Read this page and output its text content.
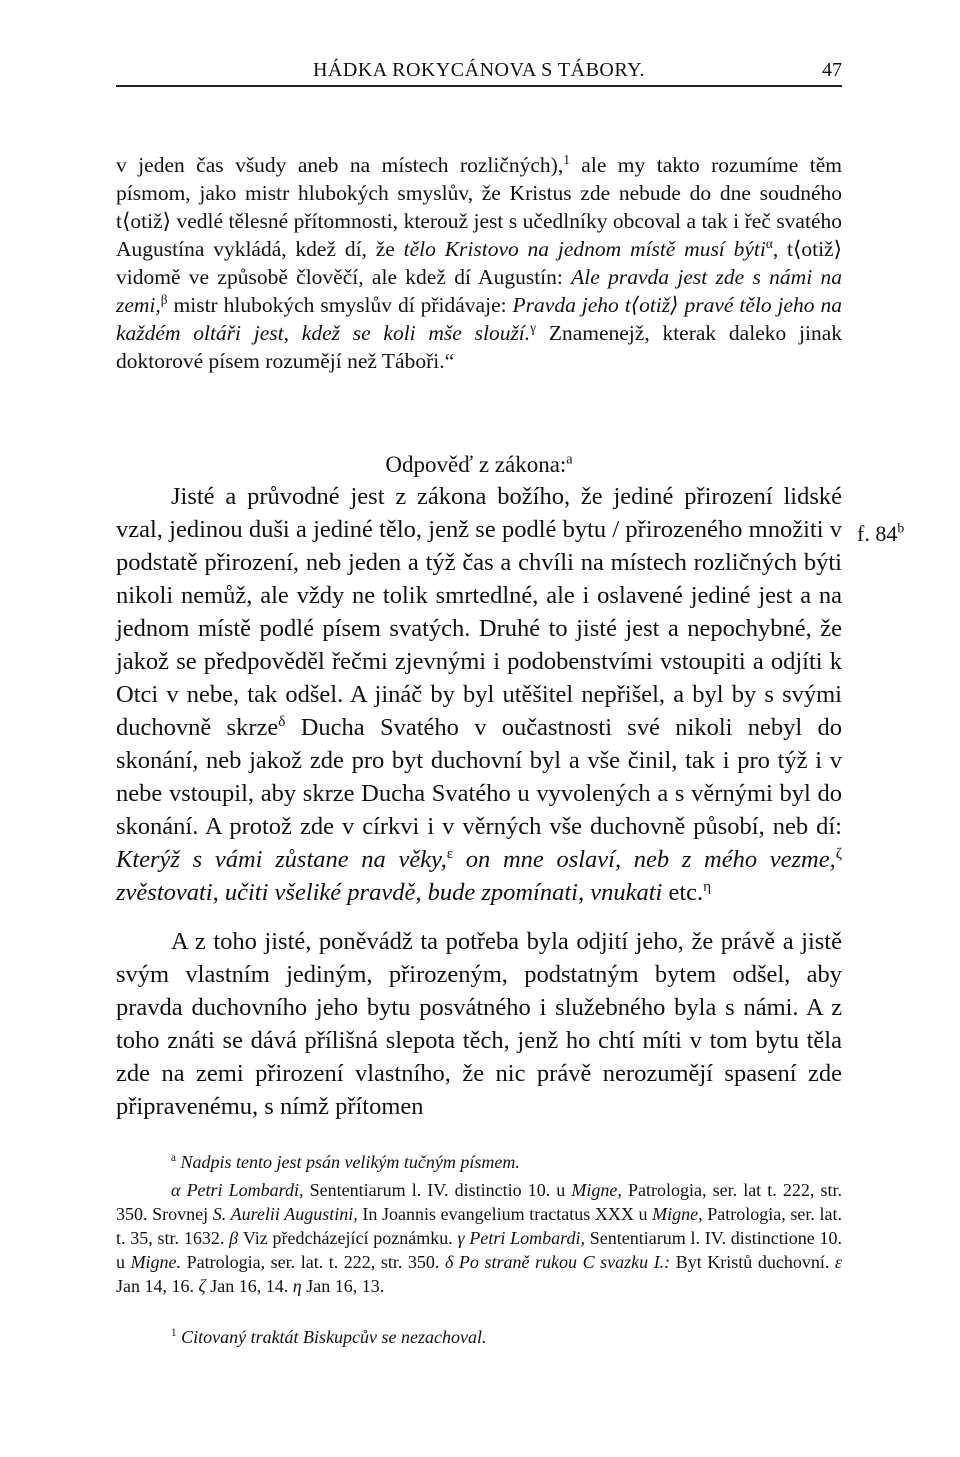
HÁDKA ROKYCÁNOVA S TÁBORY.	47

v jeden čas všudy aneb na místech rozličných),$^1$ ale my takto rozumíme těm písmom, jako mistr hlubokých smyslův, že Kristus zde nebude do dne soudného t⟨otiž⟩ vedlé tělesné přítomnosti, kterouž jest s učedlníky obcoval a tak i řeč svatého Augustína vykládá, kdež dí, že tělo Kristovo na jednom místě musí býti$^\alpha$, t⟨otiž⟩ vidomě ve způsobě člověčí, ale kdež dí Augustín: Ale pravda jest zde s námi na zemi,$^\beta$ mistr hlubokých smyslův dí přidávaje: Pravda jeho t⟨otiž⟩ pravé tělo jeho na každém oltáři jest, kdež se koli mše slouží.$^\gamma$ Znamenejž, kterak daleko jinak doktorové písem rozumějí než Táboři.“

Odpověď z zákona:$^a$

Jisté a průvodné jest z zákona božího, že jediné přirození lidské vzal, jedinou duši a jediné tělo, jenž se podlé bytu / přirozeného množiti v podstatě přirození, neb jeden a týž čas a chvíli na místech rozličných býti nikoli nemůž, ale vždy ne tolik smrtedlné, ale i oslavené jediné jest a na jednom místě podlé písem svatých. Druhé to jisté jest a nepochybné, že jakož se předpověděl řečmi zjevnými i podobenstvími vstoupiti a odjíti k Otci v nebe, tak odšel. A jináč by byl utěšitel nepřišel, a byl by s svými duchovně skrze$^\delta$ Ducha Svatého v oučastnosti své nikoli nebyl do skonání, neb jakož zde pro byt duchovní byl a vše činil, tak i pro týž i v nebe vstoupil, aby skrze Ducha Svatého u vyvolených a s věrnými byl do skonání. A protož zde v církvi i v věrných vše duchovně působí, neb dí: Kterýž s vámi zůstane na věky,$^\varepsilon$ on mne oslaví, neb z mého vezme,$^\zeta$ zvěstovati, učiti všeliké pravdě, bude zpomínati, vnukati etc.$^\eta$

f. 84$^b$

A z toho jisté, poněvádž ta potřeba byla odjití jeho, že právě a jistě svým vlastním jediným, přirozeným, podstatným bytem odšel, aby pravda duchovního jeho bytu posvátného i služebného byla s námi. A z toho znáti se dává přílišná slepota těch, jenž ho chtí míti v tom bytu těla zde na zemi přirození vlastního, že nic právě nerozumějí spasení zde připravenému, s nímž přítomen

$^a$ Nadpis tento jest psán velikým tučným písmem.

α Petri Lombardi, Sententiarum l. IV. distinctio 10. u Migne, Patrologia, ser. lat t. 222, str. 350. Srovnej S. Aurelii Augustini, In Joannis evangelium tractatus XXX u Migne, Patrologia, ser. lat. t. 35, str. 1632. β Viz předcházející poznámku. γ Petri Lombardi, Sententiarum l. IV. distinctione 10. u Migne. Patrologia, ser. lat. t. 222, str. 350. δ Po straně rukou C svazku I.: Byt Kristů duchovní. ε Jan 14, 16. ζ Jan 16, 14. η Jan 16, 13.

$^1$ Citovaný traktát Biskupcův se nezachoval.
